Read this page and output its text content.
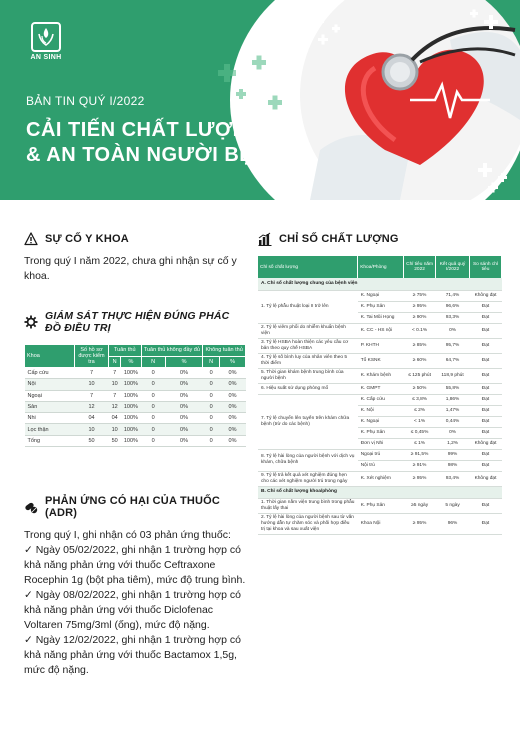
AN SINH
BẢN TIN QUÝ I/2022
CẢI TIẾN CHẤT LƯỢNG
& AN TOÀN NGƯỜI BỆNH
SỰ CỐ Y KHOA
Trong quý I năm 2022, chưa ghi nhận sự cố y khoa.
GIÁM SÁT THỰC HIỆN ĐÚNG PHÁC ĐỒ ĐIỀU TRỊ
Khoa	Số hồ sơ được kiểm tra	Tuân thủ		Tuân thủ không đầy đủ		Không tuân thủ	
		N	%	N	%	N	%
Cấp cứu	7	7	100%	0	0%	0	0%
Nội	10	10	100%	0	0%	0	0%
Ngoại	7	7	100%	0	0%	0	0%
Sản	12	12	100%	0	0%	0	0%
Nhi	04	04	100%	0	0%	0	0%
Lọc thận	10	10	100%	0	0%	0	0%
Tổng	50	50	100%	0	0%	0	0%
PHẢN ỨNG CÓ HẠI CỦA THUỐC (ADR)

Trong quý I, ghi nhận có 03 phản ứng thuốc:

✓ Ngày 05/02/2022, ghi nhận 1 trường hợp có khả năng phản ứng với thuốc Ceftraxone Rocephin 1g (bột pha tiêm), mức độ trung bình.

✓ Ngày 08/02/2022, ghi nhận 1 trường hợp có khả năng phản ứng với thuốc Diclofenac Voltaren 75mg/3ml (ống), mức độ nặng.

✓ Ngày 12/02/2022, ghi nhận 1 trường hợp có khả năng phản ứng với thuốc Bactamox 1,5g, mức độ nặng.

CHỈ SỐ CHẤT LƯỢNG
Chỉ số chất lượng	Khoa/Phòng	Chỉ tiêu năm 2022	Kết quả quý I/2022	So sánh chỉ tiêu
A. Chỉ số chất lượng chung của bệnh viện				
1. Tỷ lệ phẫu thuật loại II trở lên	K. Ngoại	≥ 75%	71,4%	Không đạt
	K. Phụ Sản	≥ 95%	96,6%	Đạt
	K. Tai Mũi Họng	≥ 90%	93,3%	Đạt
2. Tỷ lệ viêm phổi do nhiễm khuẩn bệnh viện	K. CC - HS nội	< 0.1%	0%	Đạt
3. Tỷ lệ HSBA hoàn thiện các yêu cầu cơ bản theo quy chế HSBA	P. KHTH	≥ 85%	95,7%	Đạt
4. Tỷ lệ số bình luy của nhân viên theo 5 thời điểm	Tổ KSNK	≥ 60%	64,7%	Đạt
5. Thời gian khám bệnh trung bình của người bệnh	K. Khám bệnh	≤ 125 phút	118,9 phút	Đạt
6. Hiệu suất sử dụng phòng mổ	K. GMPT	≥ 50%	55,8%	Đạt
7. Tỷ lệ chuyển lên tuyến trên khám chữa bệnh (trừ do các bệnh)	K. Cấp cứu	≤ 3,8%	1,86%	Đạt
	K. Nội	≤ 2%	1,47%	Đạt
	K. Ngoại	< 1%	0,44%	Đạt
	K. Phụ Sản	≤ 0,45%	0%	Đạt
	Đơn vị Nhi	≤ 1%	1,2%	Không đạt
8. Tỷ lệ hài lòng của người bệnh với dịch vụ khám, chữa bệnh	Ngoại trú	≥ 91,5%	99%	Đạt
	Nội trú	≥ 91%	98%	Đạt
9. Tỷ lệ trả kết quả xét nghiệm đúng hẹn cho các xét nghiệm người trú trong ngày	K. Xét nghiệm	≥ 95%	93,4%	Không đạt
B. Chỉ số chất lượng khoa/phòng				
1. Thời gian nằm viện trung bình trong phẫu thuật lấy thai	K. Phụ Sản	≥5 ngày	5 ngày	Đạt
2. Tỷ lệ hài lòng của người bệnh sau từ vấn hướng dẫn tự chăm sóc và phối hợp điều trị tại khoa và sau xuất viện	Khoa Nội	≥ 95%	96%	Đạt
